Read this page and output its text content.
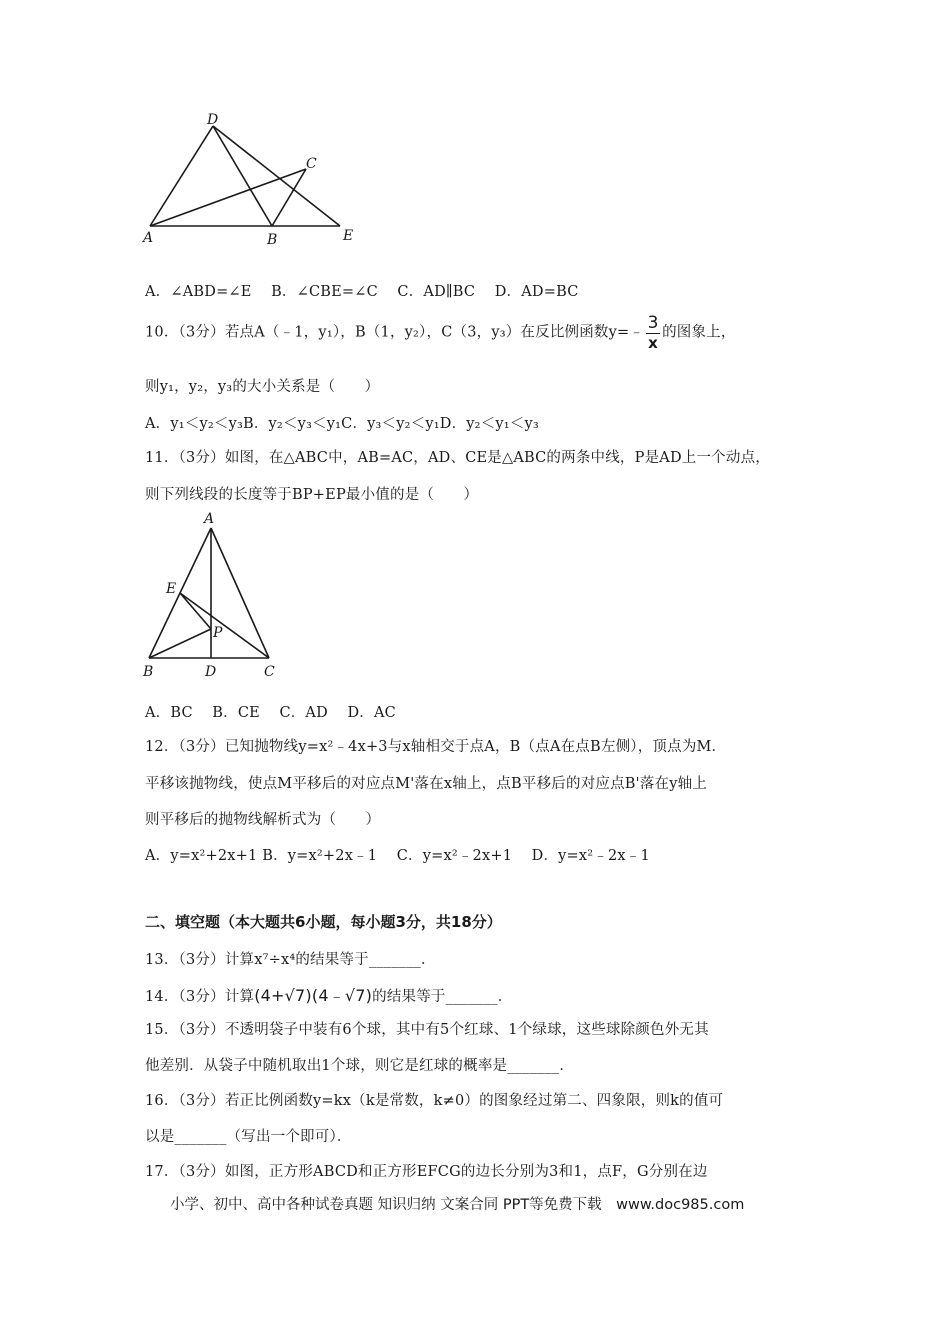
D
C
A	B	E
A．∠ABD=∠E　 B．∠CBE=∠C　 C．AD∥BC　 D．AD=BC
10．（3分）若点A（﹣1，y₁），B（1，y₂），C（3，y₃）在反比例函数y=﹣ $\frac{3}{x}$ 的图象上，
则y₁，y₂，y₃的大小关系是（　　）
A．y₁＜y₂＜y₃B．y₂＜y₃＜y₁C．y₃＜y₂＜y₁D．y₂＜y₁＜y₃
11．（3分）如图，在△ABC中，AB=AC，AD、CE是△ABC的两条中线，P是AD上一个动点，
则下列线段的长度等于BP+EP最小值的是（　　）
A
E
P
B	D	C
A．BC　 B．CE　 C．AD　 D．AC
12．（3分）已知抛物线y=x²﹣4x+3与x轴相交于点A，B（点A在点B左侧），顶点为M．
平移该抛物线，使点M平移后的对应点M'落在x轴上，点B平移后的对应点B'落在y轴上
则平移后的抛物线解析式为（　　）
A．y=x²+2x+1 B．y=x²+2x﹣1　 C．y=x²﹣2x+1　 D．y=x²﹣2x﹣1
二、填空题（本大题共6小题，每小题3分，共18分）
13．（3分）计算x⁷÷x⁴的结果等于_______．
14．（3分）计算(4+√7)(4﹣√7)的结果等于_______．
15．（3分）不透明袋子中装有6个球，其中有5个红球、1个绿球，这些球除颜色外无其
他差别．从袋子中随机取出1个球，则它是红球的概率是_______．
16．（3分）若正比例函数y=kx（k是常数，k≠0）的图象经过第二、四象限，则k的值可
以是_______（写出一个即可）．
17．（3分）如图，正方形ABCD和正方形EFCG的边长分别为3和1，点F，G分别在边
小学、初中、高中各种试卷真题 知识归纳 文案合同 PPT等免费下载　www.doc985.com
